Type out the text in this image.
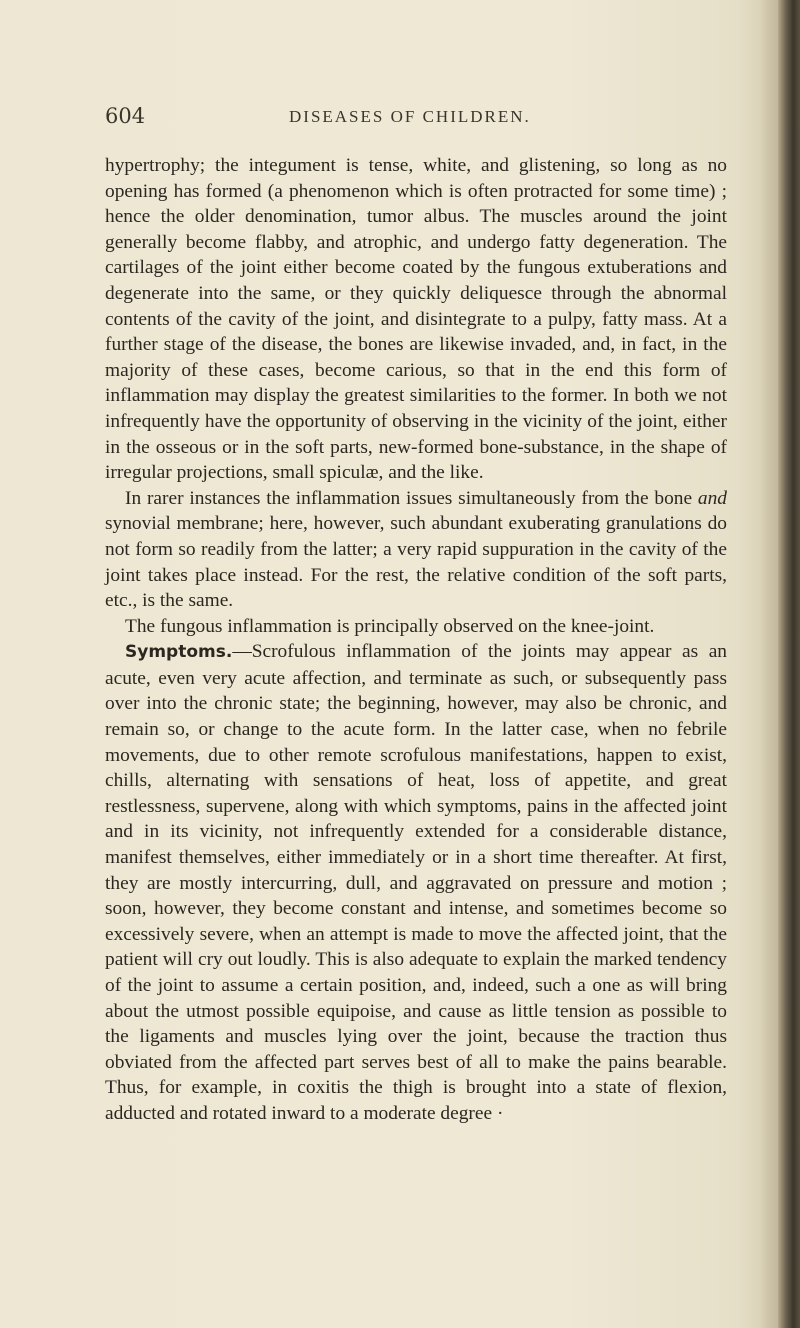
604	DISEASES OF CHILDREN.

hypertrophy; the integument is tense, white, and glistening, so long as no opening has formed (a phenomenon which is often protracted for some time) ; hence the older denomination, tumor albus. The muscles around the joint generally become flabby, and atrophic, and undergo fatty degeneration. The cartilages of the joint either become coated by the fungous extuberations and degenerate into the same, or they quickly deliquesce through the abnormal contents of the cavity of the joint, and disintegrate to a pulpy, fatty mass. At a further stage of the disease, the bones are likewise invaded, and, in fact, in the majority of these cases, become carious, so that in the end this form of inflammation may display the greatest similarities to the former. In both we not infrequently have the opportunity of observing in the vicinity of the joint, either in the osseous or in the soft parts, new-formed bone-substance, in the shape of irregular projections, small spiculæ, and the like.

In rarer instances the inflammation issues simultaneously from the bone and synovial membrane; here, however, such abundant exuberating granulations do not form so readily from the latter; a very rapid suppuration in the cavity of the joint takes place instead. For the rest, the relative condition of the soft parts, etc., is the same.

The fungous inflammation is principally observed on the knee-joint.

Symptoms.—Scrofulous inflammation of the joints may appear as an acute, even very acute affection, and terminate as such, or subsequently pass over into the chronic state; the beginning, however, may also be chronic, and remain so, or change to the acute form. In the latter case, when no febrile movements, due to other remote scrofulous manifestations, happen to exist, chills, alternating with sensations of heat, loss of appetite, and great restlessness, supervene, along with which symptoms, pains in the affected joint and in its vicinity, not infrequently extended for a considerable distance, manifest themselves, either immediately or in a short time thereafter. At first, they are mostly intercurring, dull, and aggravated on pressure and motion ; soon, however, they become constant and intense, and sometimes become so excessively severe, when an attempt is made to move the affected joint, that the patient will cry out loudly. This is also adequate to explain the marked tendency of the joint to assume a certain position, and, indeed, such a one as will bring about the utmost possible equipoise, and cause as little tension as possible to the ligaments and muscles lying over the joint, because the traction thus obviated from the affected part serves best of all to make the pains bearable. Thus, for example, in coxitis the thigh is brought into a state of flexion, adducted and rotated inward to a moderate degree ·
